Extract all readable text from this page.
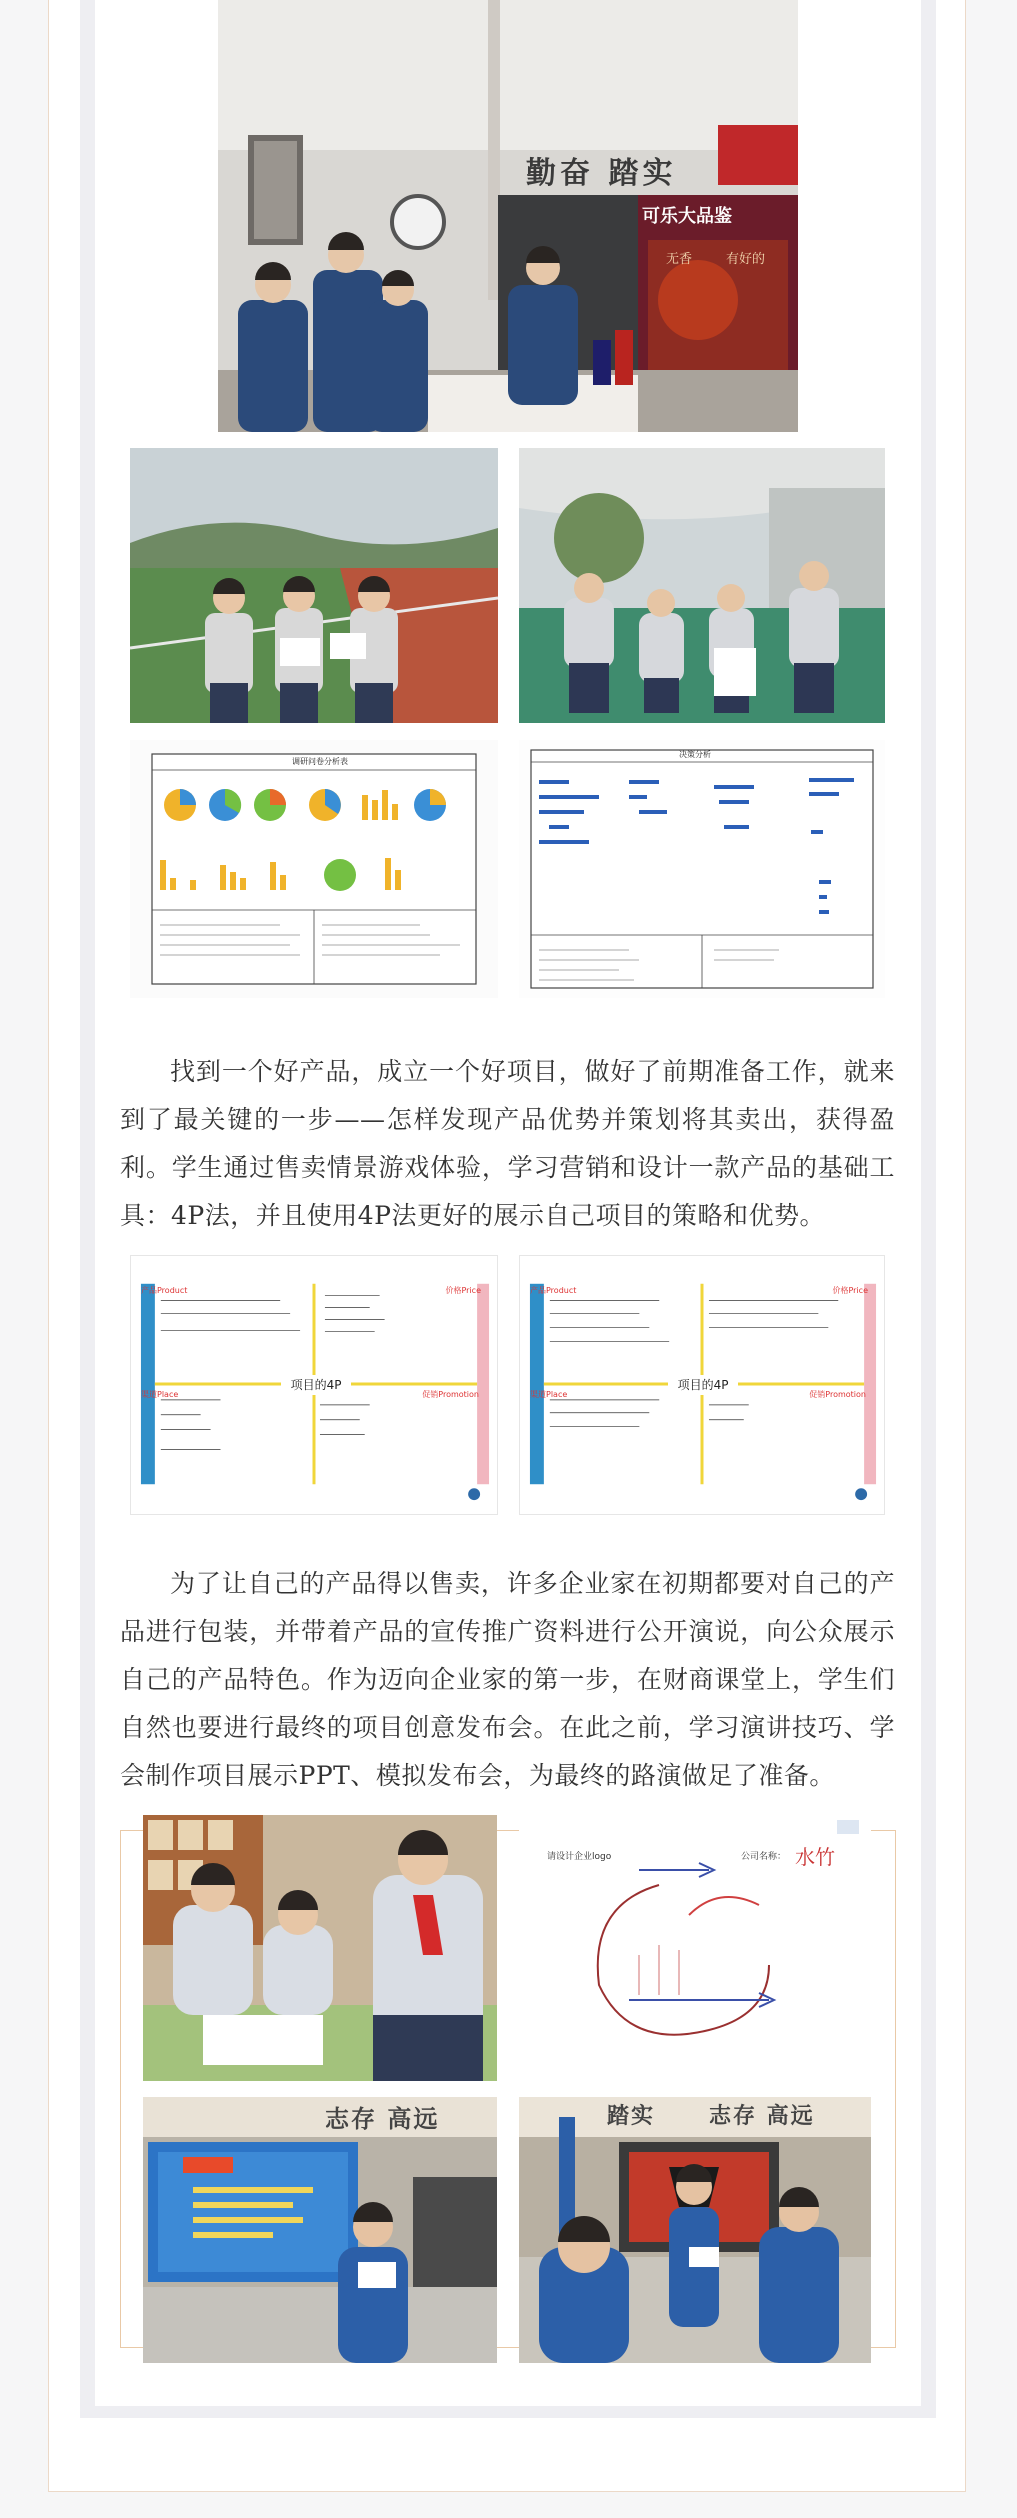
勤奋 踏实
可乐大品鉴
无香	有好的
调研问卷分析表
决策分析

找到一个好产品，成立一个好项目，做好了前期准备工作，就来到了最关键的一步——怎样发现产品优势并策划将其卖出，获得盈利。学生通过售卖情景游戏体验，学习营销和设计一款产品的基础工具：4P法，并且使用4P法更好的展示自己项目的策略和优势。

产品Product	价格Price
渠道Place	促销Promotion
项目的4P
产品Product	价格Price
渠道Place	促销Promotion
项目的4P

为了让自己的产品得以售卖，许多企业家在初期都要对自己的产品进行包装，并带着产品的宣传推广资料进行公开演说，向公众展示自己的产品特色。作为迈向企业家的第一步，在财商课堂上，学生们自然也要进行最终的项目创意发布会。在此之前，学习演讲技巧、学会制作项目展示PPT、模拟发布会，为最终的路演做足了准备。

请设计企业logo	公司名称： 水竹
志存 高远	踏实	志存 高远
